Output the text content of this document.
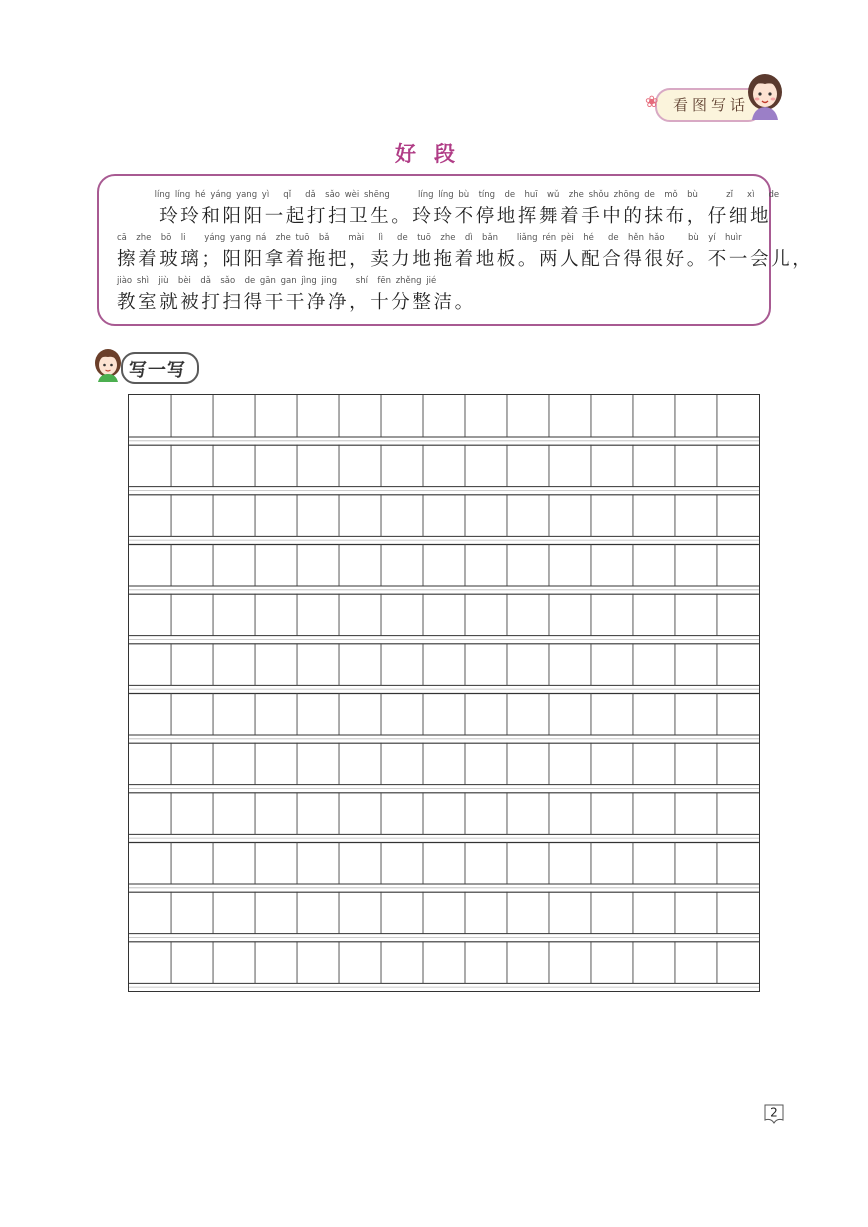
❀ 看图写话
好段
líng líng hé yáng yang yì   qǐ   dǎ  sǎo wèi shēng      líng líng bù  tíng  de  huī  wǔ  zhe shǒu zhōng de  mǒ  bù      zǐ   xì   de
　　玲玲和阳阳一起打扫卫生。玲玲不停地挥舞着手中的抹布，仔细地
cā  zhe  bō  li    yáng yang ná  zhe tuō  bǎ    mài   lì   de  tuō  zhe  dì  bǎn    liǎng rén pèi  hé   de  hěn hǎo     bù  yí  huìr
擦着玻璃；阳阳拿着拖把，卖力地拖着地板。两人配合得很好。不一会儿，
jiào shì  jiù  bèi  dǎ  sǎo  de gān gan jìng jing    shí  fēn zhěng jié
教室就被打扫得干干净净，十分整洁。
写一写
2
